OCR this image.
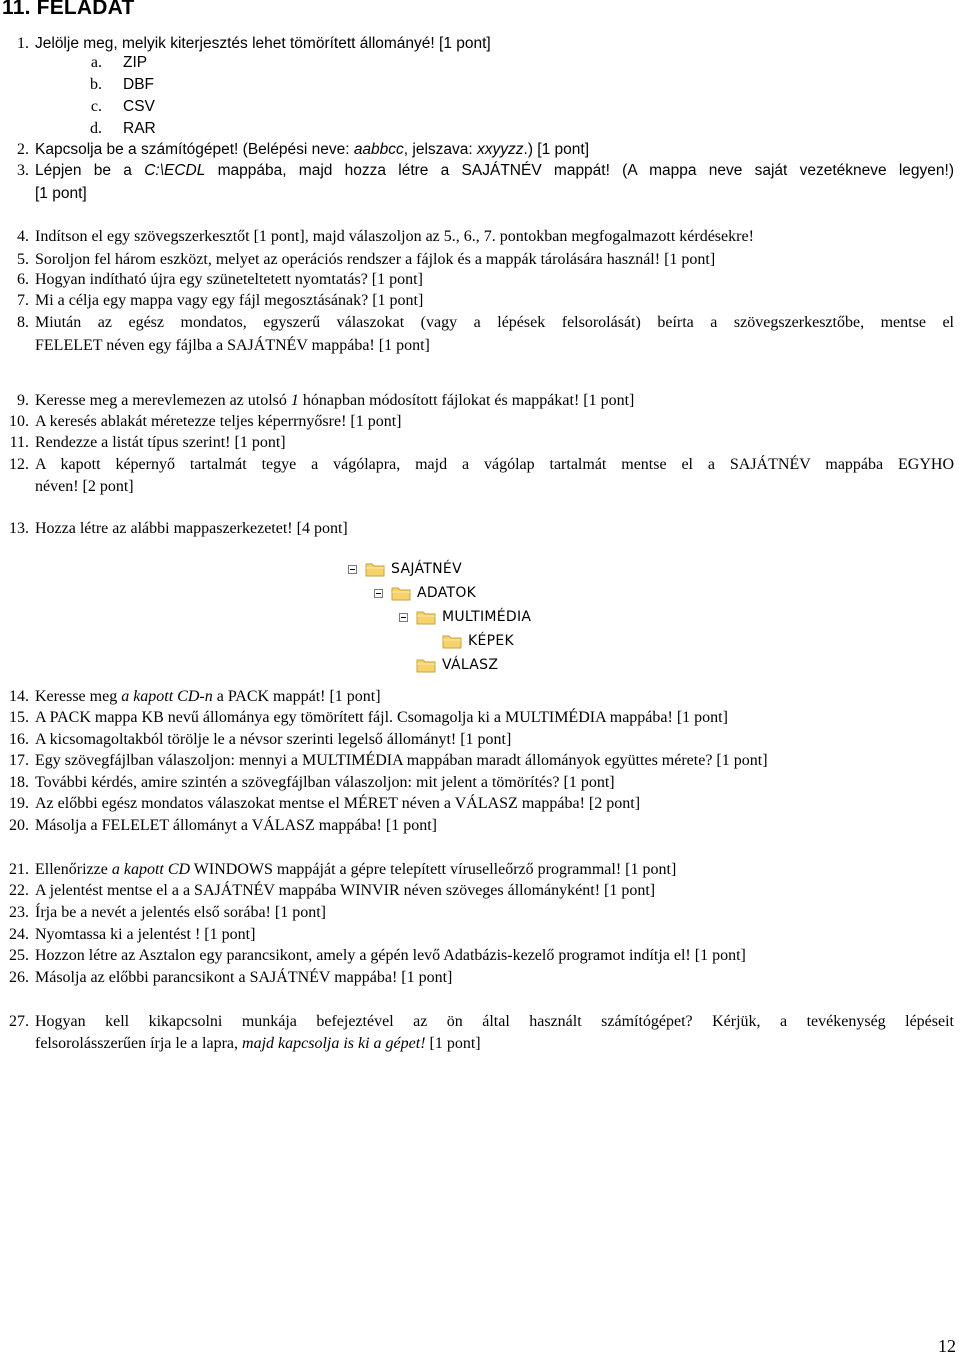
11. FELADAT
1. Jelölje meg, melyik kiterjesztés lehet tömörített állományé! [1 pont]
a. ZIP
b. DBF
c. CSV
d. RAR
2. Kapcsolja be a számítógépet! (Belépési neve: aabbcc, jelszava: xxyyzz.) [1 pont]
3. Lépjen be a C:\ECDL mappába, majd hozza létre a SAJÁTNÉV mappát! (A mappa neve saját vezetékneve legyen!)
[1 pont]
4. Indítson el egy szövegszerkesztőt [1 pont], majd válaszoljon az 5., 6., 7. pontokban megfogalmazott kérdésekre!
5. Soroljon fel három eszközt, melyet az operációs rendszer a fájlok és a mappák tárolására használ! [1 pont]
6. Hogyan indítható újra egy szüneteltetett nyomtatás? [1 pont]
7. Mi a célja egy mappa vagy egy fájl megosztásának? [1 pont]
8. Miután az egész mondatos, egyszerű válaszokat (vagy a lépések felsorolását) beírta a szövegszerkesztőbe, mentse el
FELELET néven egy fájlba a SAJÁTNÉV mappába! [1 pont]
9. Keresse meg a merevlemezen az utolsó 1 hónapban módosított fájlokat és mappákat! [1 pont]
10. A keresés ablakát méretezze teljes képerrnyősre! [1 pont]
11. Rendezze a listát típus szerint! [1 pont]
12. A kapott képernyő tartalmát tegye a vágólapra, majd a vágólap tartalmát mentse el a SAJÁTNÉV mappába EGYHO
néven! [2 pont]
13. Hozza létre az alábbi mappaszerkezetet! [4 pont]
SAJÁTNÉV
ADATOK
MULTIMÉDIA
KÉPEK
VÁLASZ
14. Keresse meg a kapott CD-n a PACK mappát! [1 pont]
15. A PACK mappa KB nevű állománya egy tömörített fájl. Csomagolja ki a MULTIMÉDIA mappába! [1 pont]
16. A kicsomagoltakból törölje le a névsor szerinti legelső állományt! [1 pont]
17. Egy szövegfájlban válaszoljon: mennyi a MULTIMÉDIA mappában maradt állományok együttes mérete? [1 pont]
18. További kérdés, amire szintén a szövegfájlban válaszoljon: mit jelent a tömörítés? [1 pont]
19. Az előbbi egész mondatos válaszokat mentse el MÉRET néven a VÁLASZ mappába! [2 pont]
20. Másolja a FELELET állományt a VÁLASZ mappába! [1 pont]
21. Ellenőrizze a kapott CD WINDOWS mappáját a gépre telepített víruselleőrző programmal! [1 pont]
22. A jelentést mentse el a a SAJÁTNÉV mappába WINVIR néven szöveges állományként! [1 pont]
23. Írja be a nevét a jelentés első sorába! [1 pont]
24. Nyomtassa ki a jelentést ! [1 pont]
25. Hozzon létre az Asztalon egy parancsikont, amely a gépén levő Adatbázis-kezelő programot indítja el! [1 pont]
26. Másolja az előbbi parancsikont a SAJÁTNÉV mappába! [1 pont]
27. Hogyan kell kikapcsolni munkája befejeztével az ön által használt számítógépet? Kérjük, a tevékenység lépéseit
felsorolásszerűen írja le a lapra, majd kapcsolja is ki a gépet! [1 pont]
12
